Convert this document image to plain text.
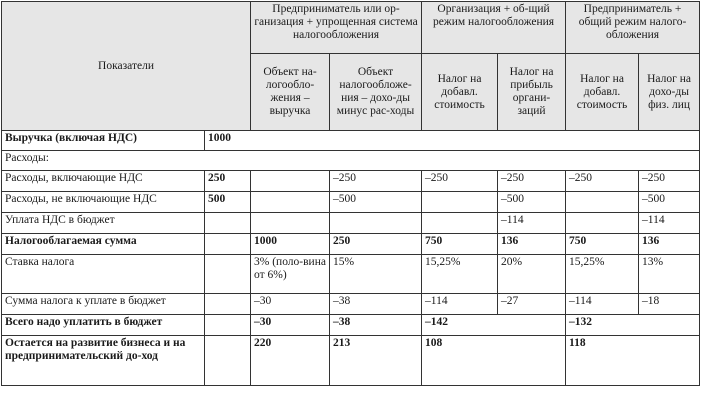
Показатели		Предприниматель или ор-ганизация + упрощенная система налогообложения		Организация + об-щий режим налогообложения		Предприниматель + общий режим налого-обложения	
		Объект на-логообло-жения – выручка	Объект налогообложе-ния – дохо-ды минус рас-ходы	Налог на добавл. стоимость	Налог на прибыль органи-заций	Налог на добавл. стоимость	Налог на дохо-ды физ. лиц
Выручка (включая НДС)	1000						
Расходы:							
Расходы, включающие НДС	250		–250	–250	–250	–250	–250
Расходы, не включающие НДС	500		–500		–500		–500
Уплата НДС в бюджет					–114		–114
Налогооблагаемая сумма		1000	250	750	136	750	136
Ставка налога		3% (поло-вина от 6%)	15%	15,25%	20%	15,25%	13%
Сумма налога к уплате в бюджет		–30	–38	–114	–27	–114	–18
Всего надо уплатить в бюджет		–30	–38	–142		–132	
Остается на развитие бизнеса и на предпринимательский до-ход		220	213	108		118	
